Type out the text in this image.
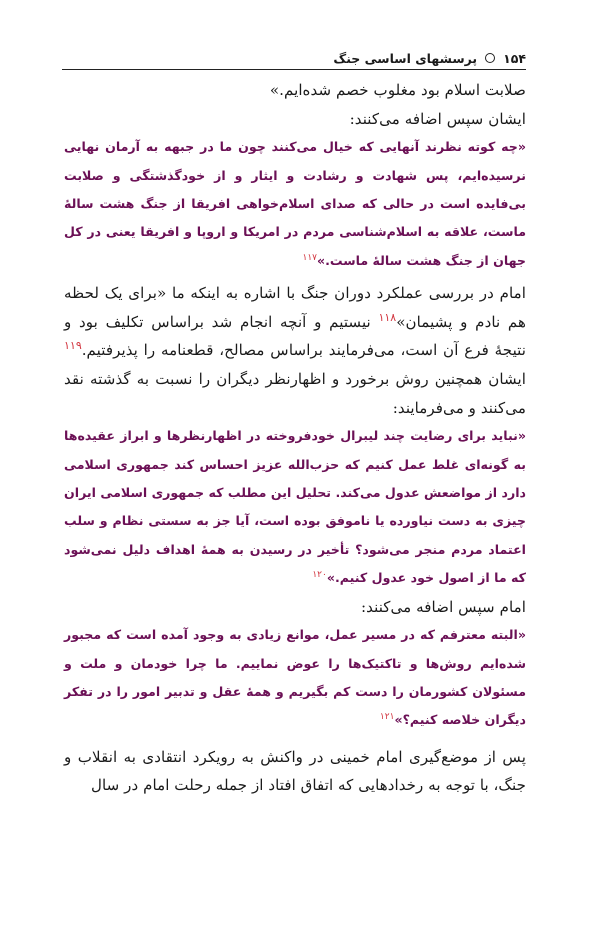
۱۵۴
پرسشهای اساسی جنگ

صلابت اسلام بود مغلوب خصم شده‌ایم.»

ایشان سپس اضافه می‌کنند:

«چه کوته نظرند آنهایی که خیال می‌کنند چون ما در جبهه به آرمان نهایی نرسیده‌ایم، پس شهادت و رشادت و ایثار و از خودگذشتگی و صلابت بی‌فایده است در حالی که صدای اسلام‌خواهی افریقا از جنگ هشت سالهٔ ماست، علاقه به اسلام‌شناسی مردم در امریکا و اروپا و افریقا یعنی در کل جهان از جنگ هشت سالهٔ ماست.»$^{۱۱۷}$

امام در بررسی عملکرد دوران جنگ با اشاره به اینکه ما «برای یک لحظه هم نادم و پشیمان»$^{۱۱۸}$ نیستیم و آنچه انجام شد براساس تکلیف بود و نتیجهٔ فرع آن است، می‌فرمایند براساس مصالح، قطعنامه را پذیرفتیم.$^{۱۱۹}$ ایشان همچنین روش برخورد و اظهارنظر دیگران را نسبت به گذشته نقد می‌کنند و می‌فرمایند:

«نباید برای رضایت چند لیبرال خودفروخته در اظهارنظرها و ابراز عقیده‌ها به گونه‌ای غلط عمل کنیم که حزب‌الله عزیز احساس کند جمهوری اسلامی دارد از مواضعش عدول می‌کند. تحلیل این مطلب که جمهوری اسلامی ایران چیزی به دست نیاورده یا ناموفق بوده است، آیا جز به سستی نظام و سلب اعتماد مردم منجر می‌شود؟ تأخیر در رسیدن به همهٔ اهداف دلیل نمی‌شود که ما از اصول خود عدول کنیم.»$^{۱۲۰}$

امام سپس اضافه می‌کنند:

«البته معترفم که در مسیر عمل، موانع زیادی به وجود آمده است که مجبور شده‌ایم روش‌ها و تاکتیک‌ها را عوض نماییم. ما چرا خودمان و ملت و مسئولان کشورمان را دست کم بگیریم و همهٔ عقل و تدبیر امور را در تفکر دیگران خلاصه کنیم؟»$^{۱۲۱}$

پس از موضع‌گیری امام خمینی در واکنش به رویکرد انتقادی به انقلاب و جنگ، با توجه به رخدادهایی که اتفاق افتاد از جمله رحلت امام در سال
